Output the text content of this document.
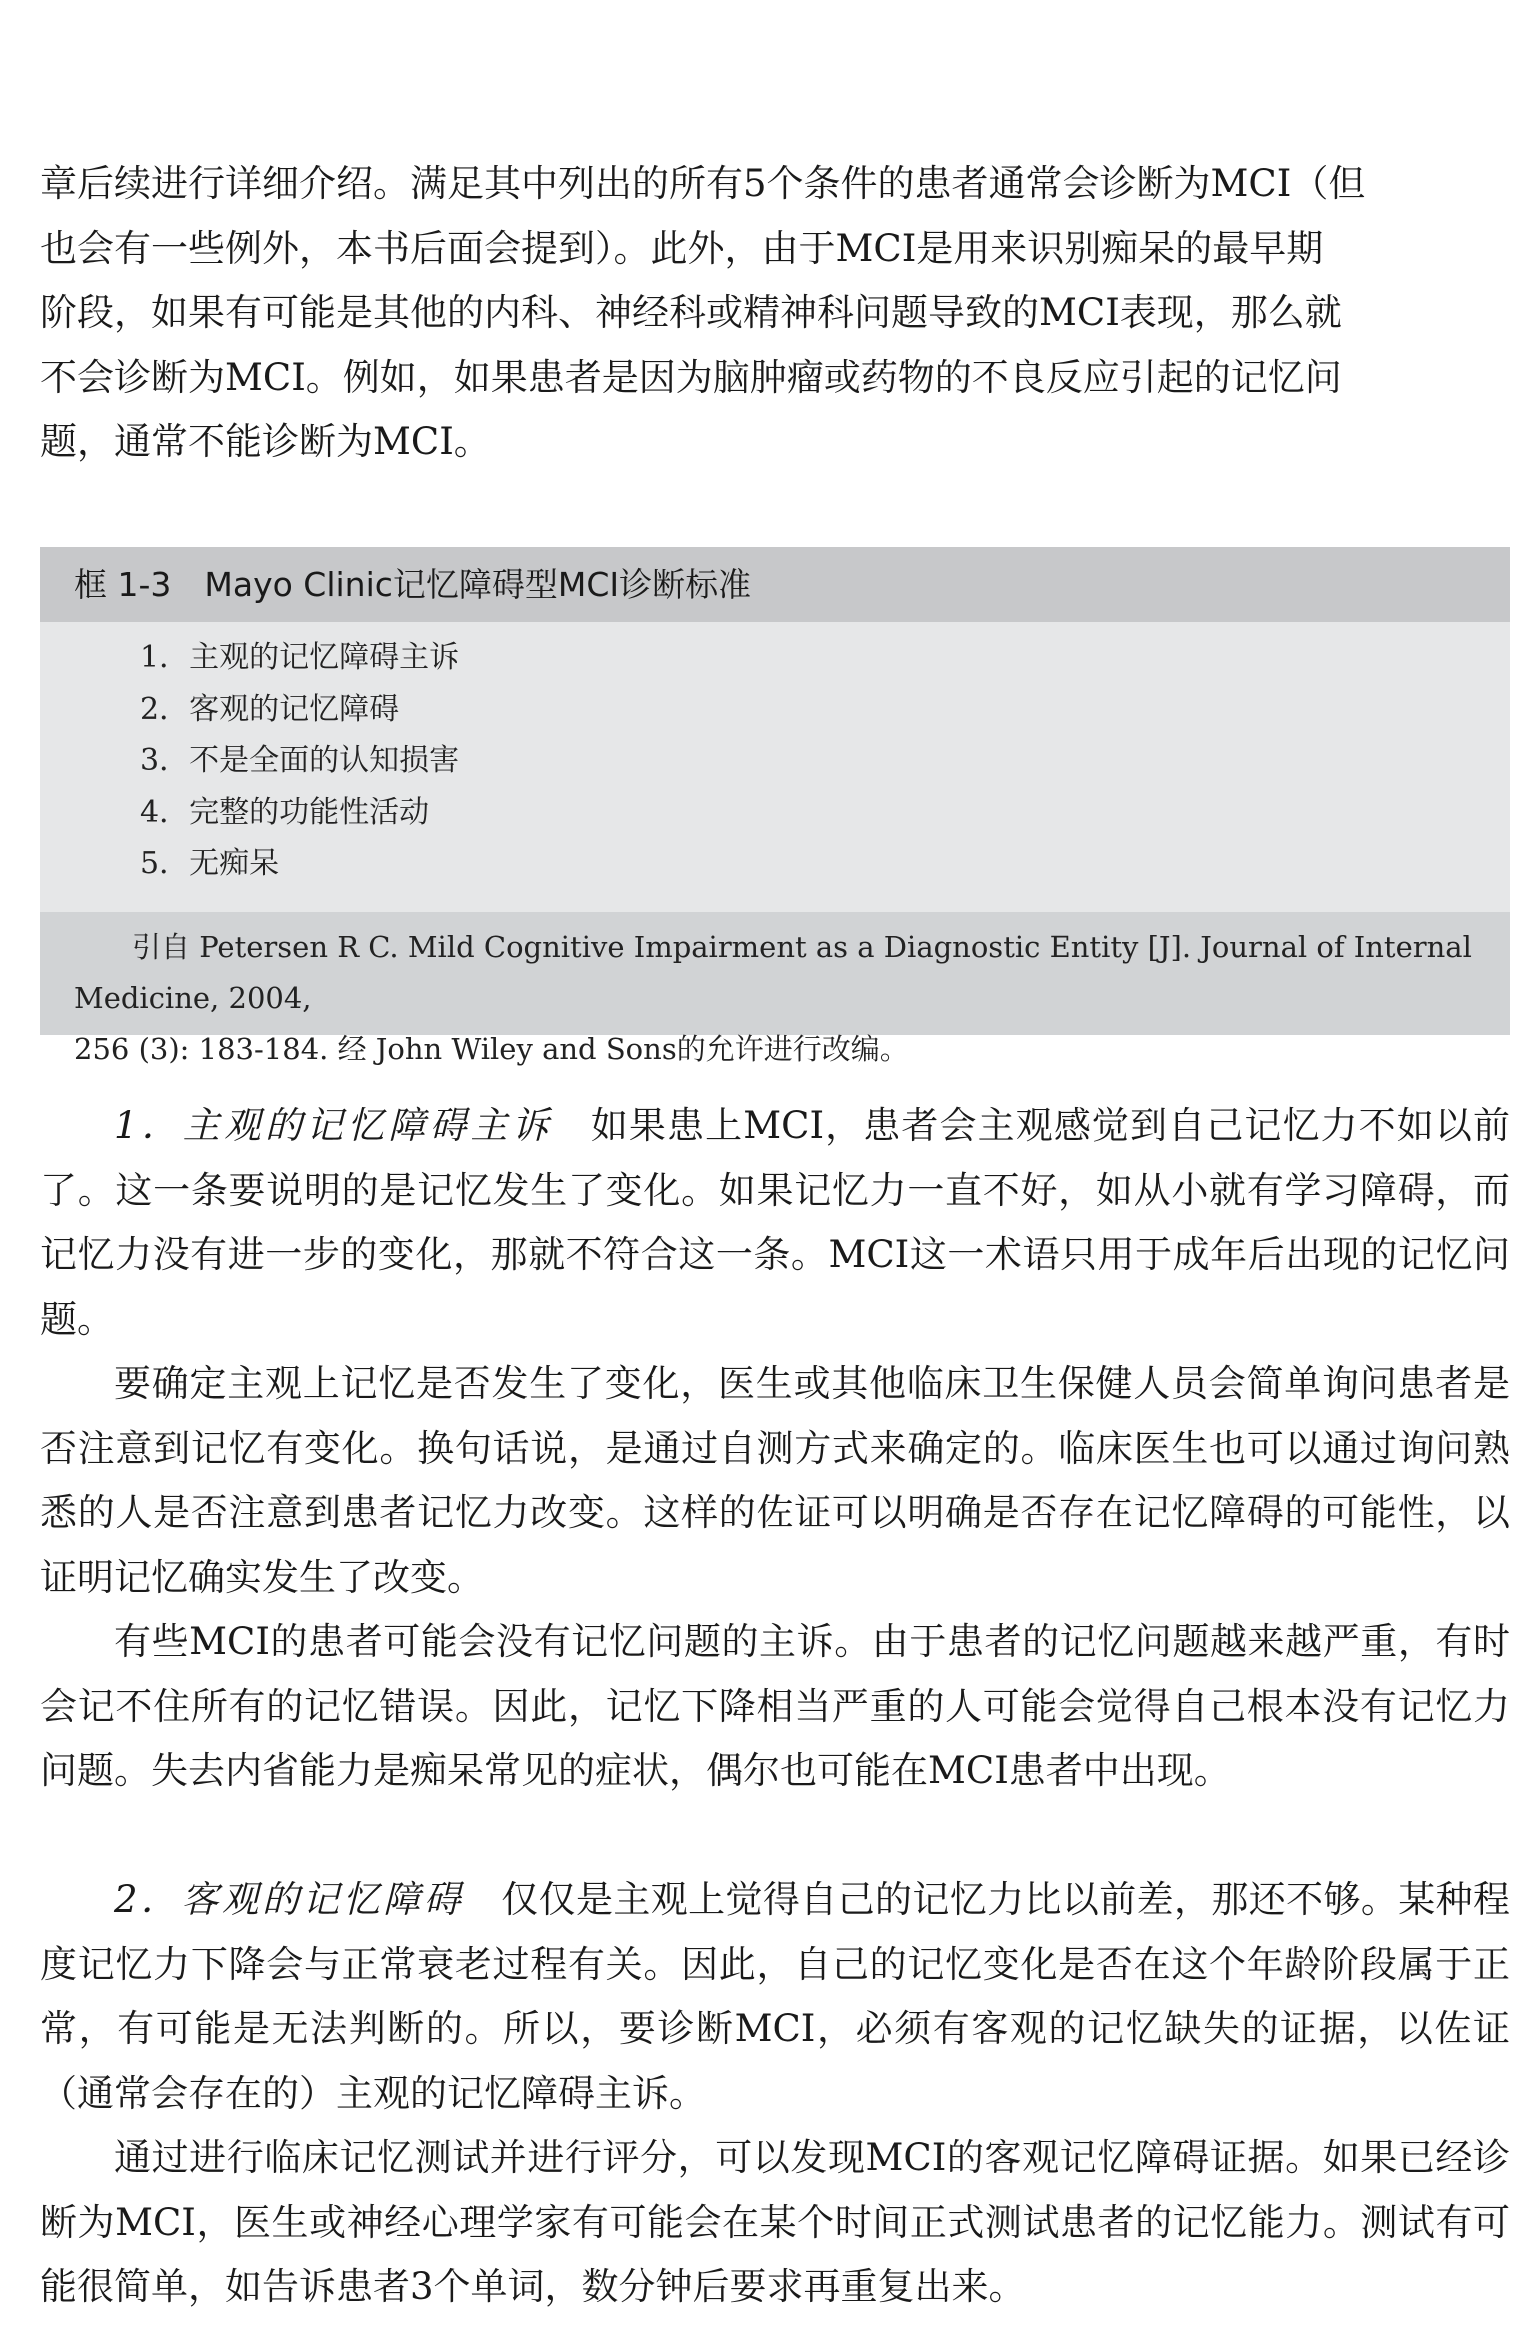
章后续进行详细介绍。满足其中列出的所有5个条件的患者通常会诊断为MCI（但
也会有一些例外，本书后面会提到）。此外，由于MCI是用来识别痴呆的最早期
阶段，如果有可能是其他的内科、神经科或精神科问题导致的MCI表现，那么就
不会诊断为MCI。例如，如果患者是因为脑肿瘤或药物的不良反应引起的记忆问
题，通常不能诊断为MCI。

框 1-3　Mayo Clinic记忆障碍型MCI诊断标准
1．主观的记忆障碍主诉
2．客观的记忆障碍
3．不是全面的认知损害
4．完整的功能性活动
5．无痴呆
引自 Petersen R C. Mild Cognitive Impairment as a Diagnostic Entity [J]. Journal of Internal Medicine, 2004,
256 (3): 183-184. 经 John Wiley and Sons的允许进行改编。

1．主观的记忆障碍主诉　 如果患上MCI，患者会主观感觉到自己记忆力不如以前了。这一条要说明的是记忆发生了变化。如果记忆力一直不好，如从小就有学习障碍，而记忆力没有进一步的变化，那就不符合这一条。MCI这一术语只用于成年后出现的记忆问题。

要确定主观上记忆是否发生了变化，医生或其他临床卫生保健人员会简单询问患者是否注意到记忆有变化。换句话说，是通过自测方式来确定的。临床医生也可以通过询问熟悉的人是否注意到患者记忆力改变。这样的佐证可以明确是否存在记忆障碍的可能性，以证明记忆确实发生了改变。

有些MCI的患者可能会没有记忆问题的主诉。由于患者的记忆问题越来越严重，有时会记不住所有的记忆错误。因此，记忆下降相当严重的人可能会觉得自己根本没有记忆力问题。失去内省能力是痴呆常见的症状，偶尔也可能在MCI患者中出现。

2．客观的记忆障碍　 仅仅是主观上觉得自己的记忆力比以前差，那还不够。某种程度记忆力下降会与正常衰老过程有关。因此，自己的记忆变化是否在这个年龄阶段属于正常，有可能是无法判断的。所以，要诊断MCI，必须有客观的记忆缺失的证据，以佐证（通常会存在的）主观的记忆障碍主诉。

通过进行临床记忆测试并进行评分，可以发现MCI的客观记忆障碍证据。如果已经诊断为MCI，医生或神经心理学家有可能会在某个时间正式测试患者的记忆能力。测试有可能很简单，如告诉患者3个单词，数分钟后要求再重复出来。
